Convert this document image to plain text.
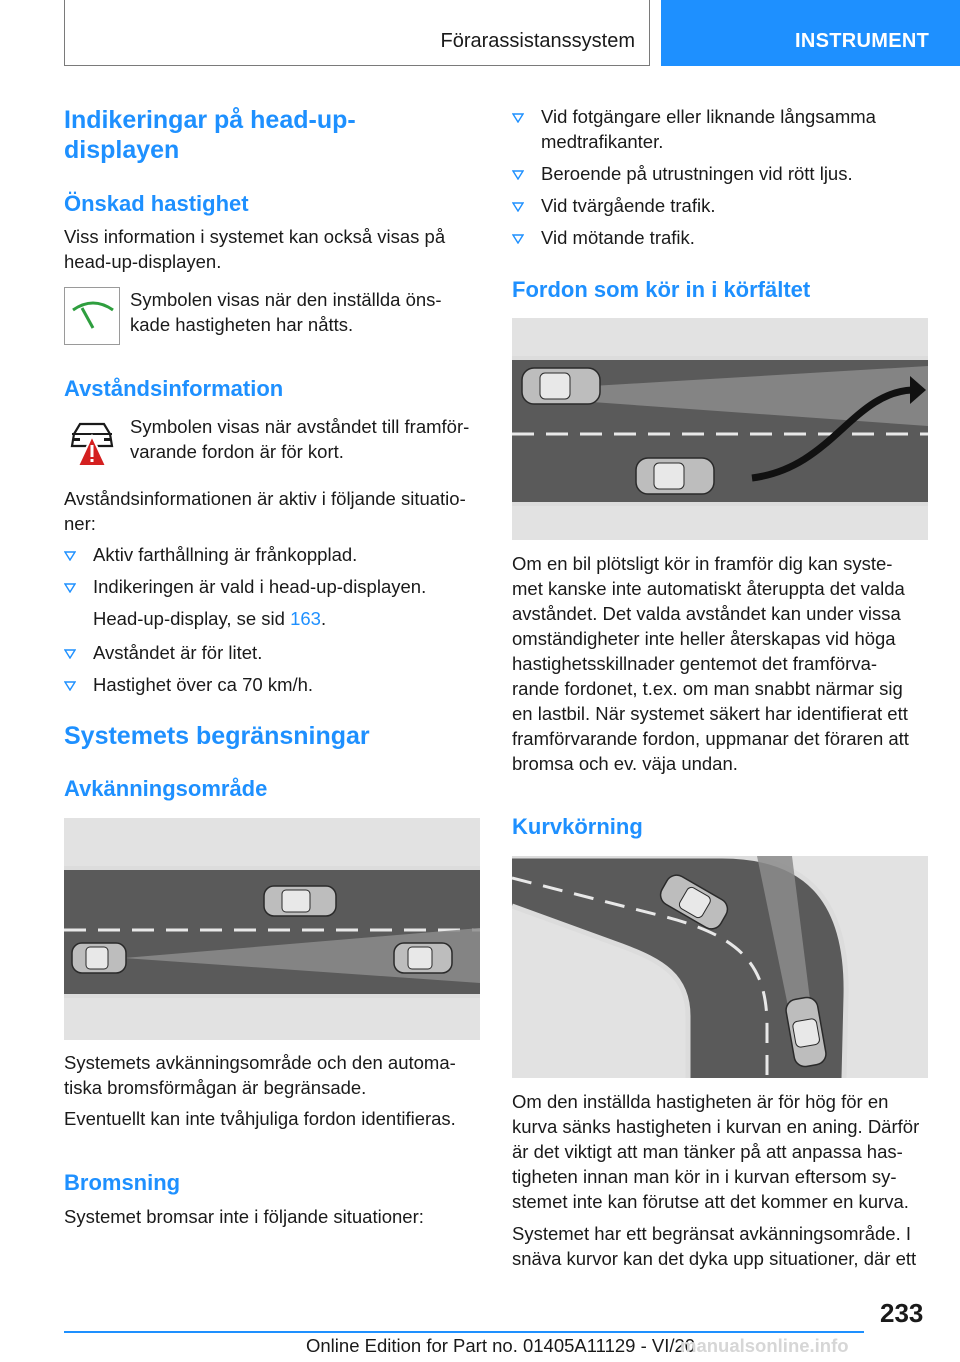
Förarassistanssystem	INSTRUMENT
Indikeringar på head-up-
displayen
Önskad hastighet
Viss information i systemet kan också visas på
head-up-displayen.
Symbolen visas när den inställda öns-
kade hastigheten har nåtts.
Avståndsinformation
Symbolen visas när avståndet till framför-
varande fordon är för kort.
Avståndsinformationen är aktiv i följande situatio-
ner:
Aktiv farthållning är frånkopplad.
Indikeringen är vald i head-up-displayen.
Head-up-display, se sid 163.
Avståndet är för litet.
Hastighet över ca 70 km/h.
Systemets begränsningar
Avkänningsområde
Systemets avkänningsområde och den automa-
tiska bromsförmågan är begränsade.
Eventuellt kan inte tvåhjuliga fordon identifieras.
Bromsning
Systemet bromsar inte i följande situationer:
Vid fotgängare eller liknande långsamma
medtrafikanter.
Beroende på utrustningen vid rött ljus.
Vid tvärgående trafik.
Vid mötande trafik.
Fordon som kör in i körfältet
Om en bil plötsligt kör in framför dig kan syste-
met kanske inte automatiskt återuppta det valda
avståndet. Det valda avståndet kan under vissa
omständigheter inte heller återskapas vid höga
hastighetsskillnader gentemot det framförva-
rande fordonet, t.ex. om man snabbt närmar sig
en lastbil. När systemet säkert har identifierat ett
framförvarande fordon, uppmanar det föraren att
bromsa och ev. väja undan.
Kurvkörning
Om den inställda hastigheten är för hög för en
kurva sänks hastigheten i kurvan en aning. Därför
är det viktigt att man tänker på att anpassa has-
tigheten innan man kör in i kurvan eftersom sy-
stemet inte kan förutse att det kommer en kurva.
Systemet har ett begränsat avkänningsområde. I
snäva kurvor kan det dyka upp situationer, där ett
233
Online Edition for Part no. 01405A11129 - VI/20
manualsonline.info
